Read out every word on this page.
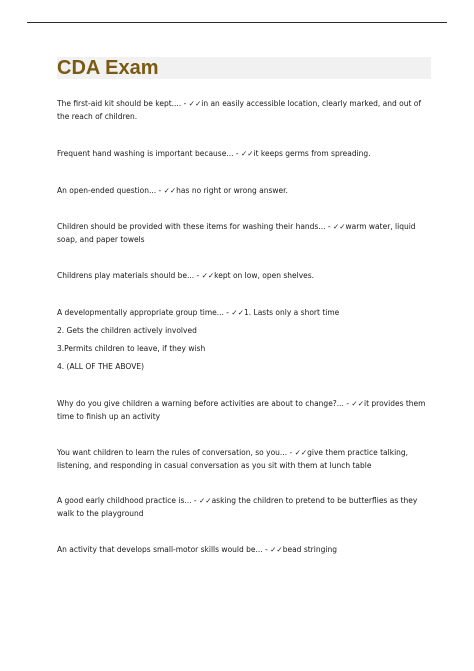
CDA Exam

The first-aid kit should be kept.... - ✓✓in an easily accessible location, clearly marked, and out of the reach of children.

Frequent hand washing is important because... - ✓✓it keeps germs from spreading.

An open-ended question... - ✓✓has no right or wrong answer.

Children should be provided with these items for washing their hands... - ✓✓warm water, liquid soap, and paper towels

Childrens play materials should be... - ✓✓kept on low, open shelves.

A developmentally appropriate group time... - ✓✓1. Lasts only a short time

2. Gets the children actively involved

3.Permits children to leave, if they wish

4. (ALL OF THE ABOVE)

Why do you give children a warning before activities are about to change?... - ✓✓it provides them time to finish up an activity

You want children to learn the rules of conversation, so you... - ✓✓give them practice talking, listening, and responding in casual conversation as you sit with them at lunch table

A good early childhood practice is... - ✓✓asking the children to pretend to be butterflies as they walk to the playground

An activity that develops small-motor skills would be... - ✓✓bead stringing
